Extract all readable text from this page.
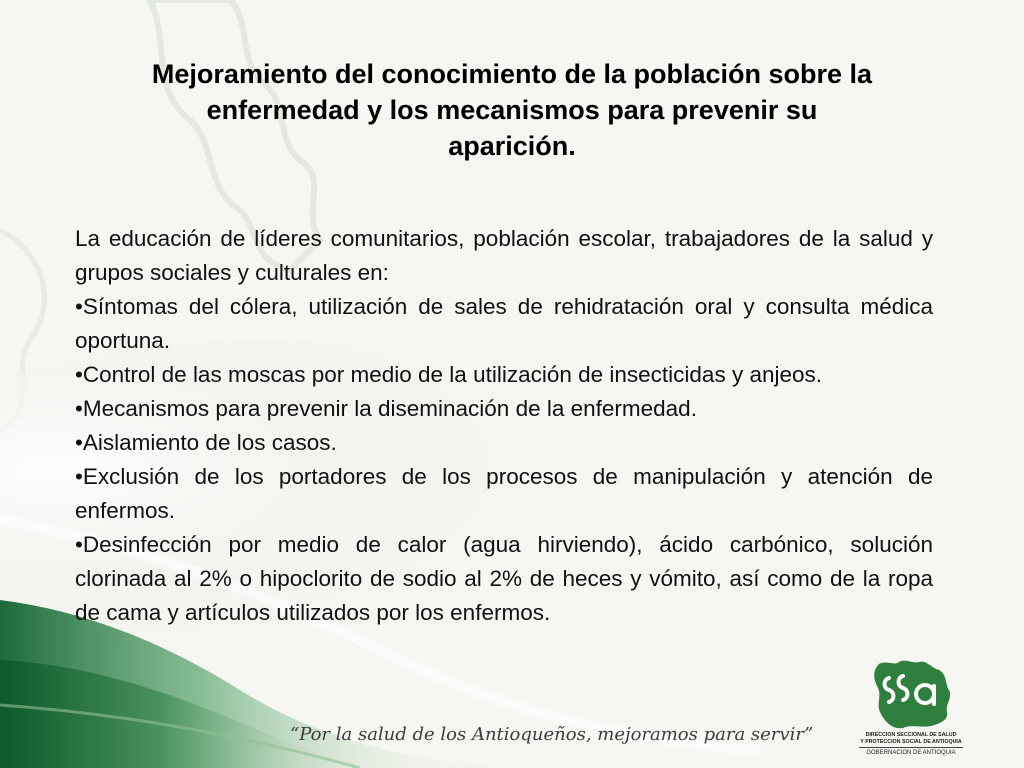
Mejoramiento del conocimiento de la población sobre la enfermedad y los mecanismos para prevenir su aparición.

La educación de líderes comunitarios, población escolar, trabajadores de la salud y grupos sociales y culturales en:

•Síntomas del cólera, utilización de sales de rehidratación oral y consulta médica oportuna.

•Control de las moscas por medio de la utilización de insecticidas y anjeos.

•Mecanismos para prevenir la diseminación de la enfermedad.

•Aislamiento de los casos.

•Exclusión de los portadores de los procesos de manipulación y atención de enfermos.

•Desinfección por medio de calor (agua hirviendo), ácido carbónico, solución clorinada al 2% o hipoclorito de sodio al 2% de heces y vómito, así como de la ropa de cama y artículos utilizados por los enfermos.

“Por la salud de los Antioqueños, mejoramos para servir”	DIRECCION SECCIONAL DE SALUD
Y PROTECCION SOCIAL DE ANTIOQUIA
GOBERNACION DE ANTIOQUIA
